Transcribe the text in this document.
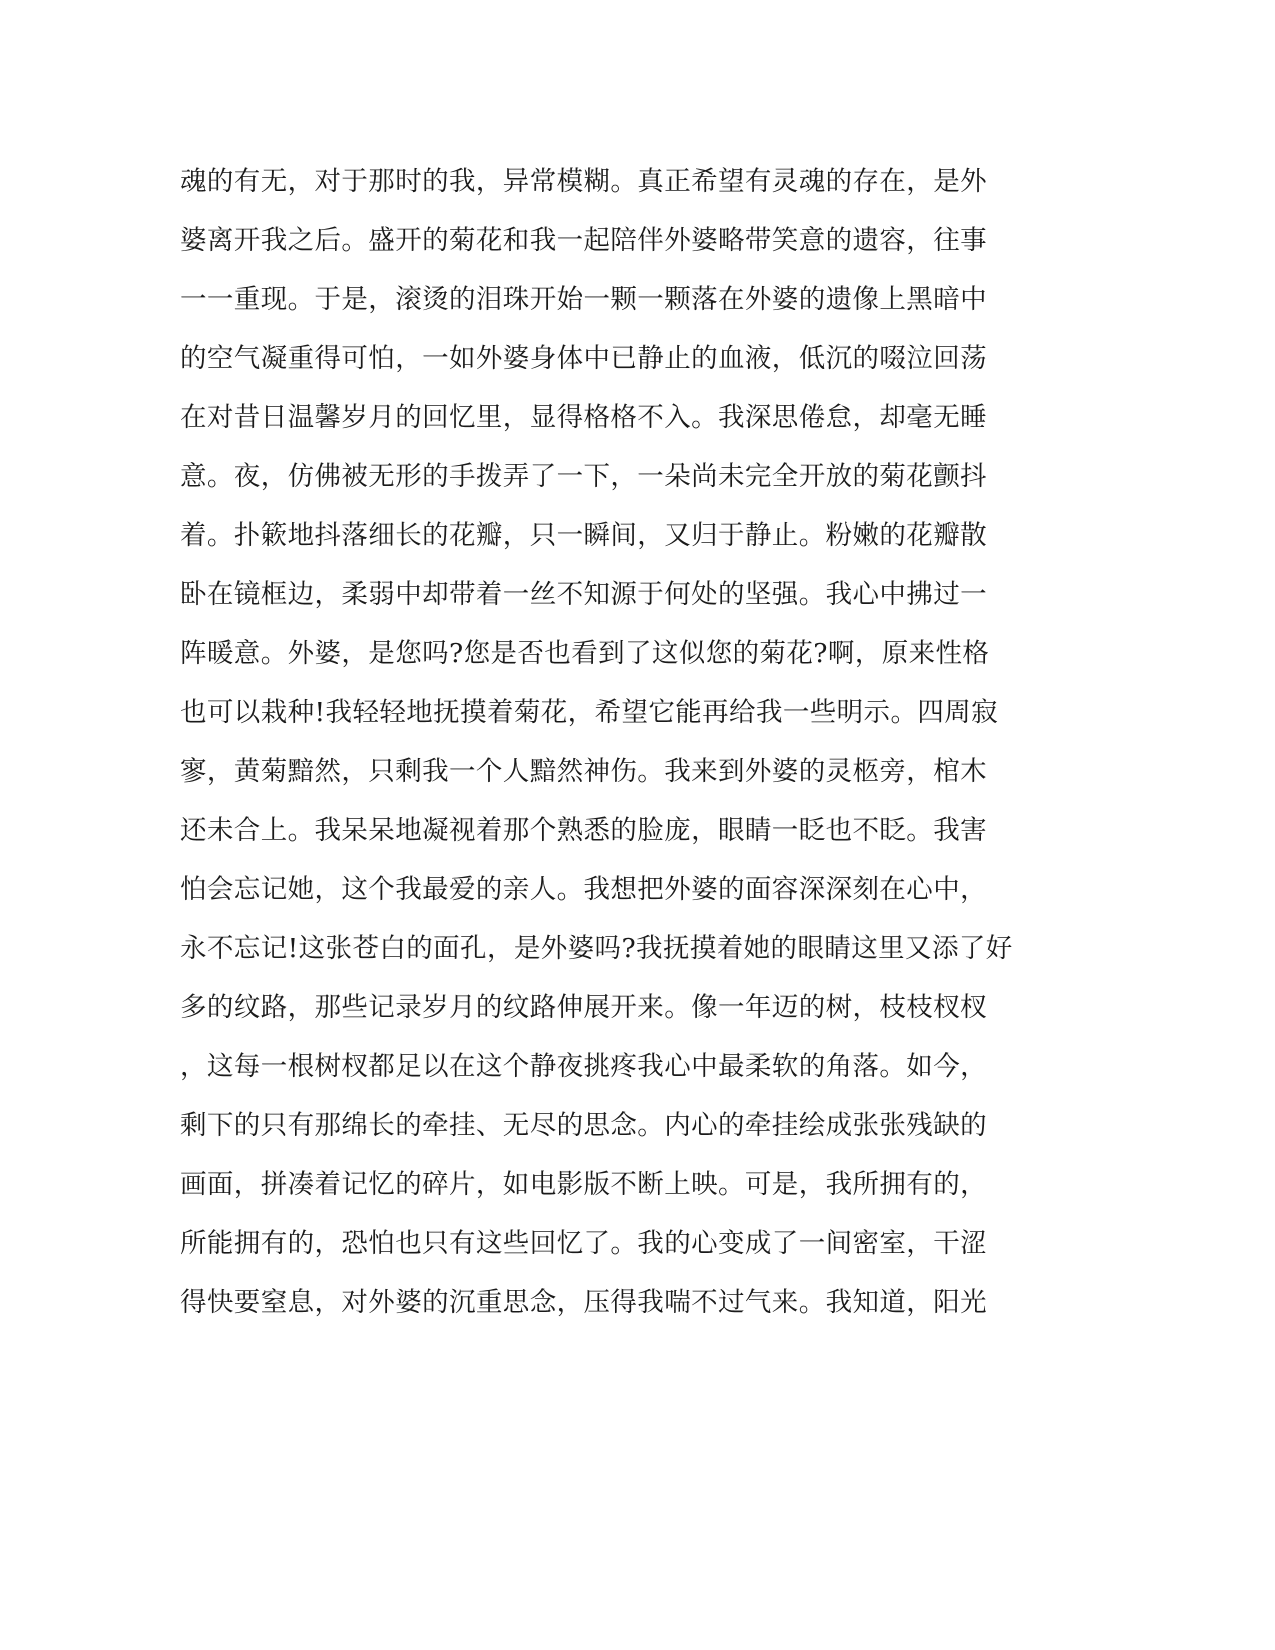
魂的有无，对于那时的我，异常模糊。真正希望有灵魂的存在，是外
婆离开我之后。盛开的菊花和我一起陪伴外婆略带笑意的遗容，往事
一一重现。于是，滚烫的泪珠开始一颗一颗落在外婆的遗像上黑暗中
的空气凝重得可怕，一如外婆身体中已静止的血液，低沉的啜泣回荡
在对昔日温馨岁月的回忆里，显得格格不入。我深思倦怠，却毫无睡
意。夜，仿佛被无形的手拨弄了一下，一朵尚未完全开放的菊花颤抖
着。扑簌地抖落细长的花瓣，只一瞬间，又归于静止。粉嫩的花瓣散
卧在镜框边，柔弱中却带着一丝不知源于何处的坚强。我心中拂过一
阵暖意。外婆，是您吗?您是否也看到了这似您的菊花?啊，原来性格
也可以栽种!我轻轻地抚摸着菊花，希望它能再给我一些明示。四周寂
寥，黄菊黯然，只剩我一个人黯然神伤。我来到外婆的灵柩旁，棺木
还未合上。我呆呆地凝视着那个熟悉的脸庞，眼睛一眨也不眨。我害
怕会忘记她，这个我最爱的亲人。我想把外婆的面容深深刻在心中，
永不忘记!这张苍白的面孔，是外婆吗?我抚摸着她的眼睛这里又添了好
多的纹路，那些记录岁月的纹路伸展开来。像一年迈的树，枝枝杈杈
，这每一根树杈都足以在这个静夜挑疼我心中最柔软的角落。如今，
剩下的只有那绵长的牵挂、无尽的思念。内心的牵挂绘成张张残缺的
画面，拼凑着记忆的碎片，如电影版不断上映。可是，我所拥有的，
所能拥有的，恐怕也只有这些回忆了。我的心变成了一间密室，干涩
得快要窒息，对外婆的沉重思念，压得我喘不过气来。我知道，阳光
